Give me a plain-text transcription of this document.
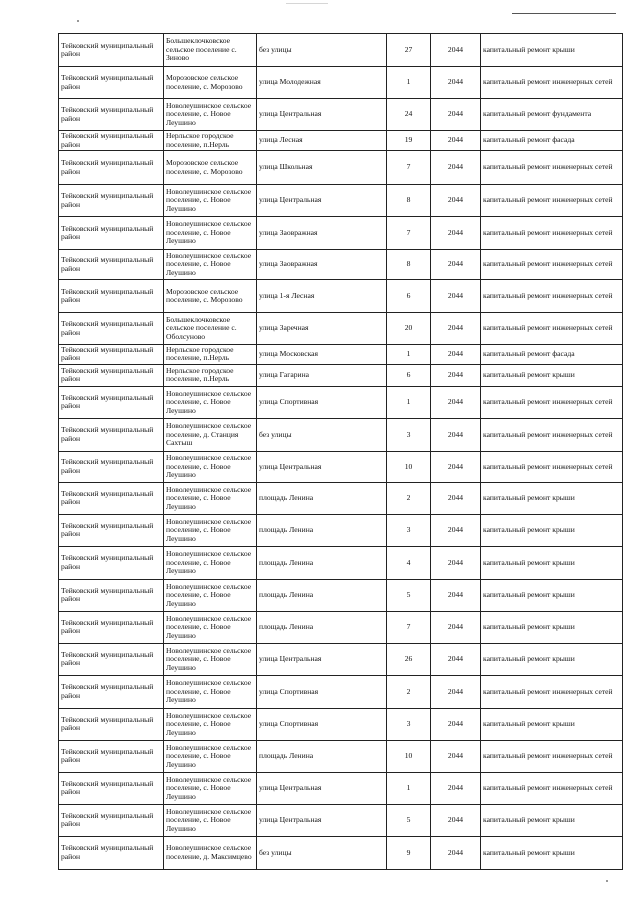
Тейковский муниципальный район	Большеклочковское сельское поселение с. Зиново	без улицы	27	2044	капитальный ремонт крыши
Тейковский муниципальный район	Морозовское сельское поселение, с. Морозово	улица Молодежная	1	2044	капитальный ремонт инженерных сетей
Тейковский муниципальный район	Новолеушинское сельское поселение, с. Новое Леушино	улица Центральная	24	2044	капитальный ремонт фундамента
Тейковский муниципальный район	Нерльское городское поселение, п.Нерль	улица Лесная	19	2044	капитальный ремонт фасада
Тейковский муниципальный район	Морозовское сельское поселение, с. Морозово	улица Школьная	7	2044	капитальный ремонт инженерных сетей
Тейковский муниципальный район	Новолеушинское сельское поселение, с. Новое Леушино	улица Центральная	8	2044	капитальный ремонт инженерных сетей
Тейковский муниципальный район	Новолеушинское сельское поселение, с. Новое Леушино	улица Заовражная	7	2044	капитальный ремонт инженерных сетей
Тейковский муниципальный район	Новолеушинское сельское поселение, с. Новое Леушино	улица Заовражная	8	2044	капитальный ремонт инженерных сетей
Тейковский муниципальный район	Морозовское сельское поселение, с. Морозово	улица 1-я Лесная	6	2044	капитальный ремонт инженерных сетей
Тейковский муниципальный район	Большеклочковское сельское поселение с. Оболсуново	улица Заречная	20	2044	капитальный ремонт инженерных сетей
Тейковский муниципальный район	Нерльское городское поселение, п.Нерль	улица Московская	1	2044	капитальный ремонт фасада
Тейковский муниципальный район	Нерльское городское поселение, п.Нерль	улица Гагарина	6	2044	капитальный ремонт крыши
Тейковский муниципальный район	Новолеушинское сельское поселение, с. Новое Леушино	улица Спортивная	1	2044	капитальный ремонт инженерных сетей
Тейковский муниципальный район	Новолеушинское сельское поселение, д. Станция Сахтыш	без улицы	3	2044	капитальный ремонт инженерных сетей
Тейковский муниципальный район	Новолеушинское сельское поселение, с. Новое Леушино	улица Центральная	10	2044	капитальный ремонт инженерных сетей
Тейковский муниципальный район	Новолеушинское сельское поселение, с. Новое Леушино	площадь Ленина	2	2044	капитальный ремонт крыши
Тейковский муниципальный район	Новолеушинское сельское поселение, с. Новое Леушино	площадь Ленина	3	2044	капитальный ремонт крыши
Тейковский муниципальный район	Новолеушинское сельское поселение, с. Новое Леушино	площадь Ленина	4	2044	капитальный ремонт крыши
Тейковский муниципальный район	Новолеушинское сельское поселение, с. Новое Леушино	площадь Ленина	5	2044	капитальный ремонт крыши
Тейковский муниципальный район	Новолеушинское сельское поселение, с. Новое Леушино	площадь Ленина	7	2044	капитальный ремонт крыши
Тейковский муниципальный район	Новолеушинское сельское поселение, с. Новое Леушино	улица Центральная	26	2044	капитальный ремонт крыши
Тейковский муниципальный район	Новолеушинское сельское поселение, с. Новое Леушино	улица Спортивная	2	2044	капитальный ремонт инженерных сетей
Тейковский муниципальный район	Новолеушинское сельское поселение, с. Новое Леушино	улица Спортивная	3	2044	капитальный ремонт крыши
Тейковский муниципальный район	Новолеушинское сельское поселение, с. Новое Леушино	площадь Ленина	10	2044	капитальный ремонт инженерных сетей
Тейковский муниципальный район	Новолеушинское сельское поселение, с. Новое Леушино	улица Центральная	1	2044	капитальный ремонт инженерных сетей
Тейковский муниципальный район	Новолеушинское сельское поселение, с. Новое Леушино	улица Центральная	5	2044	капитальный ремонт крыши
Тейковский муниципальный район	Новолеушинское сельское поселение, д. Максимцево	без улицы	9	2044	капитальный ремонт крыши
